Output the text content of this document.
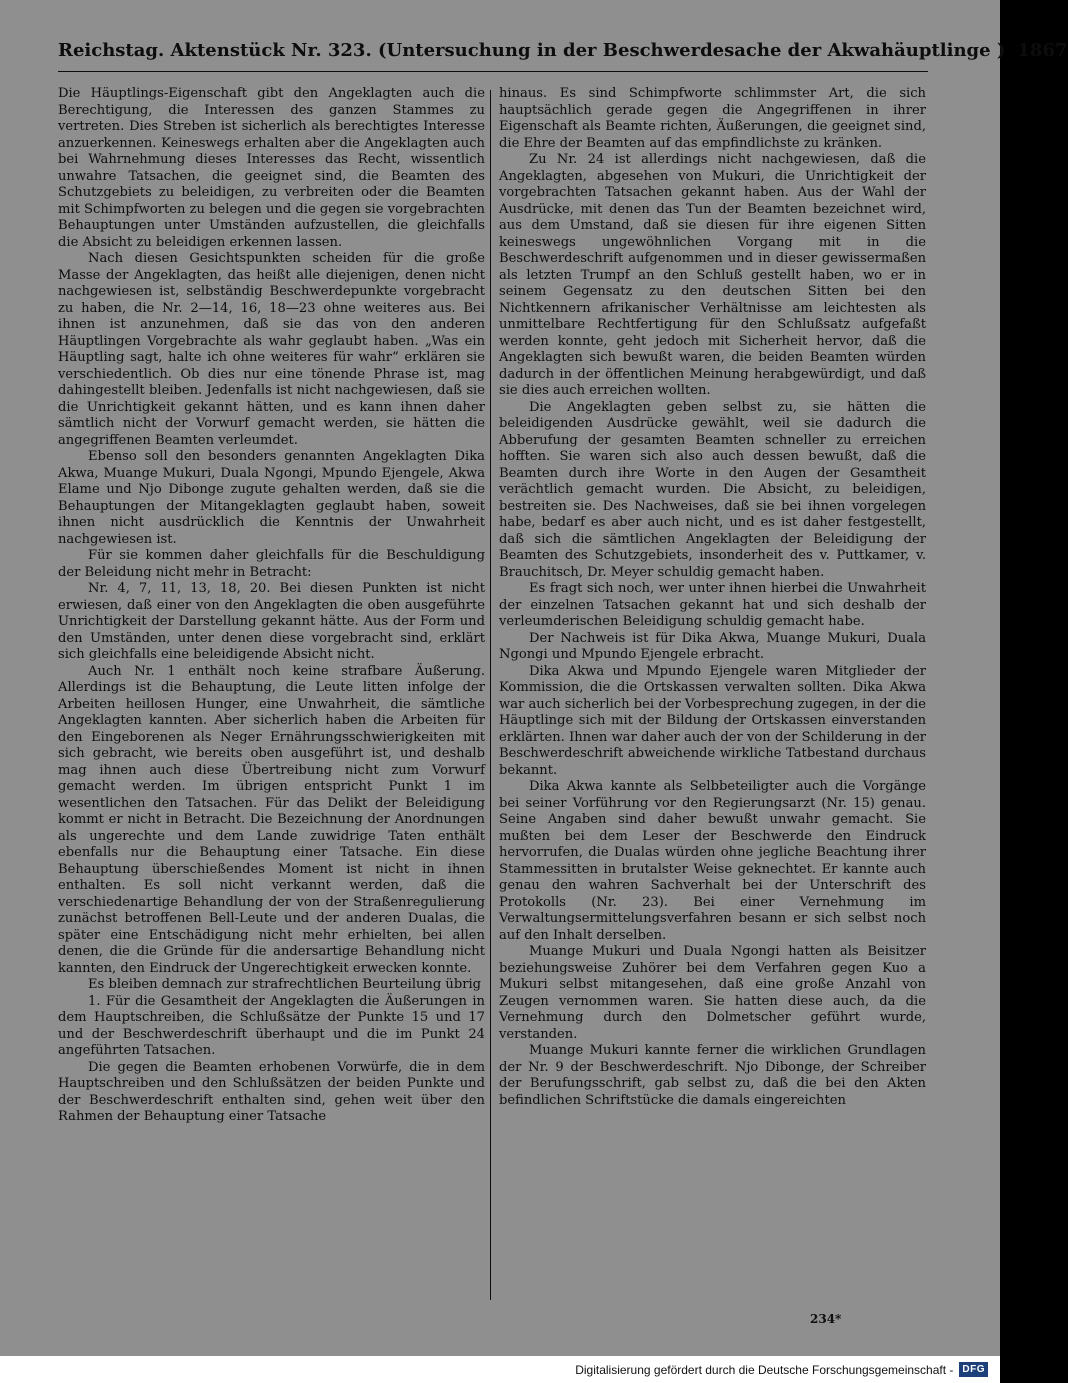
Reichstag. Aktenstück Nr. 323. (Untersuchung in der Beschwerdesache der Akwahäuptlinge ) 1867

Die Häuptlings-Eigenschaft gibt den Angeklagten auch die Berechtigung, die Interessen des ganzen Stammes zu vertreten. Dies Streben ist sicherlich als berechtigtes Interesse anzuerkennen. Keineswegs erhalten aber die Angeklagten auch bei Wahrnehmung dieses Interesses das Recht, wissentlich unwahre Tatsachen, die geeignet sind, die Beamten des Schutzgebiets zu beleidigen, zu verbreiten oder die Beamten mit Schimpfworten zu belegen und die gegen sie vorgebrachten Behauptungen unter Umständen aufzustellen, die gleichfalls die Absicht zu beleidigen erkennen lassen.

Nach diesen Gesichtspunkten scheiden für die große Masse der Angeklagten, das heißt alle diejenigen, denen nicht nachgewiesen ist, selbständig Beschwerdepunkte vorgebracht zu haben, die Nr. 2—14, 16, 18—23 ohne weiteres aus. Bei ihnen ist anzunehmen, daß sie das von den anderen Häuptlingen Vorgebrachte als wahr geglaubt haben. „Was ein Häuptling sagt, halte ich ohne weiteres für wahr“ erklären sie verschiedentlich. Ob dies nur eine tönende Phrase ist, mag dahingestellt bleiben. Jedenfalls ist nicht nachgewiesen, daß sie die Unrichtigkeit gekannt hätten, und es kann ihnen daher sämtlich nicht der Vorwurf gemacht werden, sie hätten die angegriffenen Beamten verleumdet.

Ebenso soll den besonders genannten Angeklagten Dika Akwa, Muange Mukuri, Duala Ngongi, Mpundo Ejengele, Akwa Elame und Njo Dibonge zugute gehalten werden, daß sie die Behauptungen der Mitangeklagten geglaubt haben, soweit ihnen nicht ausdrücklich die Kenntnis der Unwahrheit nachgewiesen ist.

Für sie kommen daher gleichfalls für die Beschuldigung der Beleidung nicht mehr in Betracht:

Nr. 4, 7, 11, 13, 18, 20. Bei diesen Punkten ist nicht erwiesen, daß einer von den Angeklagten die oben ausgeführte Unrichtigkeit der Darstellung gekannt hätte. Aus der Form und den Umständen, unter denen diese vorgebracht sind, erklärt sich gleichfalls eine beleidigende Absicht nicht.

Auch Nr. 1 enthält noch keine strafbare Äußerung. Allerdings ist die Behauptung, die Leute litten infolge der Arbeiten heillosen Hunger, eine Unwahrheit, die sämtliche Angeklagten kannten. Aber sicherlich haben die Arbeiten für den Eingeborenen als Neger Ernährungsschwierigkeiten mit sich gebracht, wie bereits oben ausgeführt ist, und deshalb mag ihnen auch diese Übertreibung nicht zum Vorwurf gemacht werden. Im übrigen entspricht Punkt 1 im wesentlichen den Tatsachen. Für das Delikt der Beleidigung kommt er nicht in Betracht. Die Bezeichnung der Anordnungen als ungerechte und dem Lande zuwidrige Taten enthält ebenfalls nur die Behauptung einer Tatsache. Ein diese Behauptung überschießendes Moment ist nicht in ihnen enthalten. Es soll nicht verkannt werden, daß die verschiedenartige Behandlung der von der Straßenregulierung zunächst betroffenen Bell-Leute und der anderen Dualas, die später eine Entschädigung nicht mehr erhielten, bei allen denen, die die Gründe für die andersartige Behandlung nicht kannten, den Eindruck der Ungerechtigkeit erwecken konnte.

Es bleiben demnach zur strafrechtlichen Beurteilung übrig

1. Für die Gesamtheit der Angeklagten die Äußerungen in dem Hauptschreiben, die Schlußsätze der Punkte 15 und 17 und der Beschwerdeschrift überhaupt und die im Punkt 24 angeführten Tatsachen.

Die gegen die Beamten erhobenen Vorwürfe, die in dem Hauptschreiben und den Schlußsätzen der beiden Punkte und der Beschwerdeschrift enthalten sind, gehen weit über den Rahmen der Behauptung einer Tatsache

hinaus. Es sind Schimpfworte schlimmster Art, die sich hauptsächlich gerade gegen die Angegriffenen in ihrer Eigenschaft als Beamte richten, Äußerungen, die geeignet sind, die Ehre der Beamten auf das empfindlichste zu kränken.

Zu Nr. 24 ist allerdings nicht nachgewiesen, daß die Angeklagten, abgesehen von Mukuri, die Unrichtigkeit der vorgebrachten Tatsachen gekannt haben. Aus der Wahl der Ausdrücke, mit denen das Tun der Beamten bezeichnet wird, aus dem Umstand, daß sie diesen für ihre eigenen Sitten keineswegs ungewöhnlichen Vorgang mit in die Beschwerdeschrift aufgenommen und in dieser gewissermaßen als letzten Trumpf an den Schluß gestellt haben, wo er in seinem Gegensatz zu den deutschen Sitten bei den Nichtkennern afrikanischer Verhältnisse am leichtesten als unmittelbare Rechtfertigung für den Schlußsatz aufgefaßt werden konnte, geht jedoch mit Sicherheit hervor, daß die Angeklagten sich bewußt waren, die beiden Beamten würden dadurch in der öffentlichen Meinung herabgewürdigt, und daß sie dies auch erreichen wollten.

Die Angeklagten geben selbst zu, sie hätten die beleidigenden Ausdrücke gewählt, weil sie dadurch die Abberufung der gesamten Beamten schneller zu erreichen hofften. Sie waren sich also auch dessen bewußt, daß die Beamten durch ihre Worte in den Augen der Gesamtheit verächtlich gemacht wurden. Die Absicht, zu beleidigen, bestreiten sie. Des Nachweises, daß sie bei ihnen vorgelegen habe, bedarf es aber auch nicht, und es ist daher festgestellt, daß sich die sämtlichen Angeklagten der Beleidigung der Beamten des Schutzgebiets, insonderheit des v. Puttkamer, v. Brauchitsch, Dr. Meyer schuldig gemacht haben.

Es fragt sich noch, wer unter ihnen hierbei die Unwahrheit der einzelnen Tatsachen gekannt hat und sich deshalb der verleumderischen Beleidigung schuldig gemacht habe.

Der Nachweis ist für Dika Akwa, Muange Mukuri, Duala Ngongi und Mpundo Ejengele erbracht.

Dika Akwa und Mpundo Ejengele waren Mitglieder der Kommission, die die Ortskassen verwalten sollten. Dika Akwa war auch sicherlich bei der Vorbesprechung zugegen, in der die Häuptlinge sich mit der Bildung der Ortskassen einverstanden erklärten. Ihnen war daher auch der von der Schilderung in der Beschwerdeschrift abweichende wirkliche Tatbestand durchaus bekannt.

Dika Akwa kannte als Selbbeteiligter auch die Vorgänge bei seiner Vorführung vor den Regierungsarzt (Nr. 15) genau. Seine Angaben sind daher bewußt unwahr gemacht. Sie mußten bei dem Leser der Beschwerde den Eindruck hervorrufen, die Dualas würden ohne jegliche Beachtung ihrer Stammessitten in brutalster Weise geknechtet. Er kannte auch genau den wahren Sachverhalt bei der Unterschrift des Protokolls (Nr. 23). Bei einer Vernehmung im Verwaltungsermittelungsverfahren besann er sich selbst noch auf den Inhalt derselben.

Muange Mukuri und Duala Ngongi hatten als Beisitzer beziehungsweise Zuhörer bei dem Verfahren gegen Kuo a Mukuri selbst mitangesehen, daß eine große Anzahl von Zeugen vernommen waren. Sie hatten diese auch, da die Vernehmung durch den Dolmetscher geführt wurde, verstanden.

Muange Mukuri kannte ferner die wirklichen Grundlagen der Nr. 9 der Beschwerdeschrift. Njo Dibonge, der Schreiber der Berufungsschrift, gab selbst zu, daß die bei den Akten befindlichen Schriftstücke die damals eingereichten

234*
Digitalisierung gefördert durch die Deutsche Forschungsgemeinschaft - DFG
